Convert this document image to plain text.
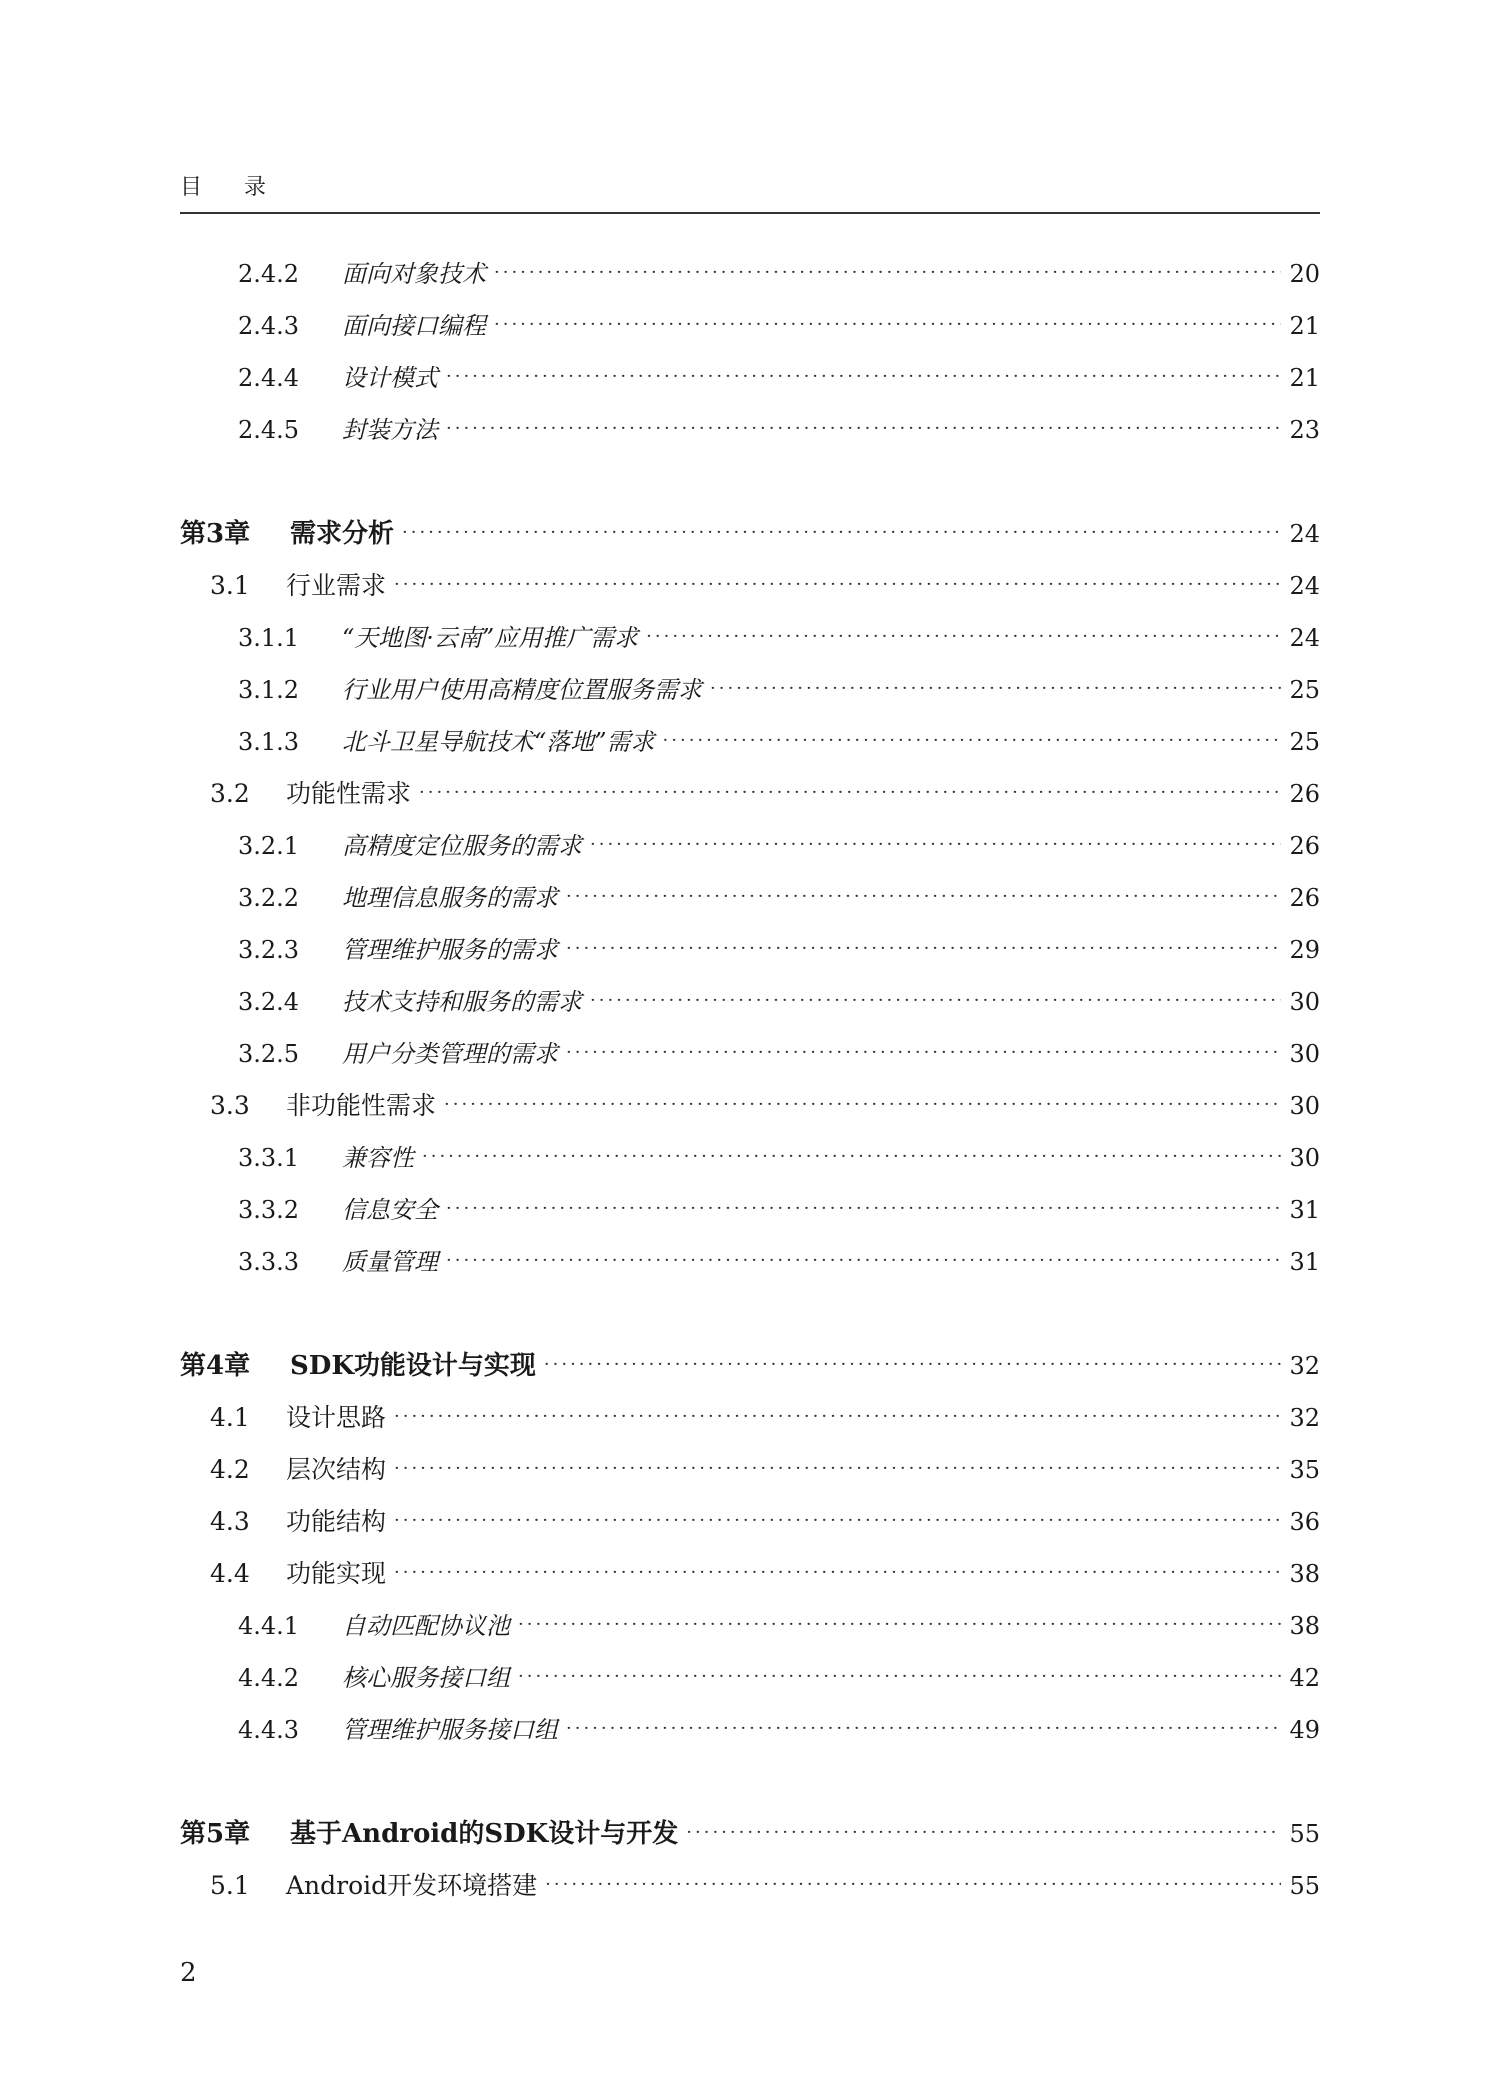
目录
2.4.2	面向对象技术 ·····	20
2.4.3	面向接口编程 ·····	21
2.4.4	设计模式 ·····	21
2.4.5	封装方法 ·····	23
第3章	需求分析 ·····	24
3.1	行业需求 ·····	24
3.1.1	“天地图·云南”应用推广需求 ·····	24
3.1.2	行业用户使用高精度位置服务需求 ·····	25
3.1.3	北斗卫星导航技术“落地”需求 ·····	25
3.2	功能性需求 ·····	26
3.2.1	高精度定位服务的需求 ·····	26
3.2.2	地理信息服务的需求 ·····	26
3.2.3	管理维护服务的需求 ·····	29
3.2.4	技术支持和服务的需求 ·····	30
3.2.5	用户分类管理的需求 ·····	30
3.3	非功能性需求 ·····	30
3.3.1	兼容性 ·····	30
3.3.2	信息安全 ·····	31
3.3.3	质量管理 ·····	31
第4章	SDK功能设计与实现 ·····	32
4.1	设计思路 ·····	32
4.2	层次结构 ·····	35
4.3	功能结构 ·····	36
4.4	功能实现 ·····	38
4.4.1	自动匹配协议池 ·····	38
4.4.2	核心服务接口组 ·····	42
4.4.3	管理维护服务接口组 ·····	49
第5章	基于Android的SDK设计与开发 ·····	55
5.1	Android开发环境搭建 ·····	55
2
